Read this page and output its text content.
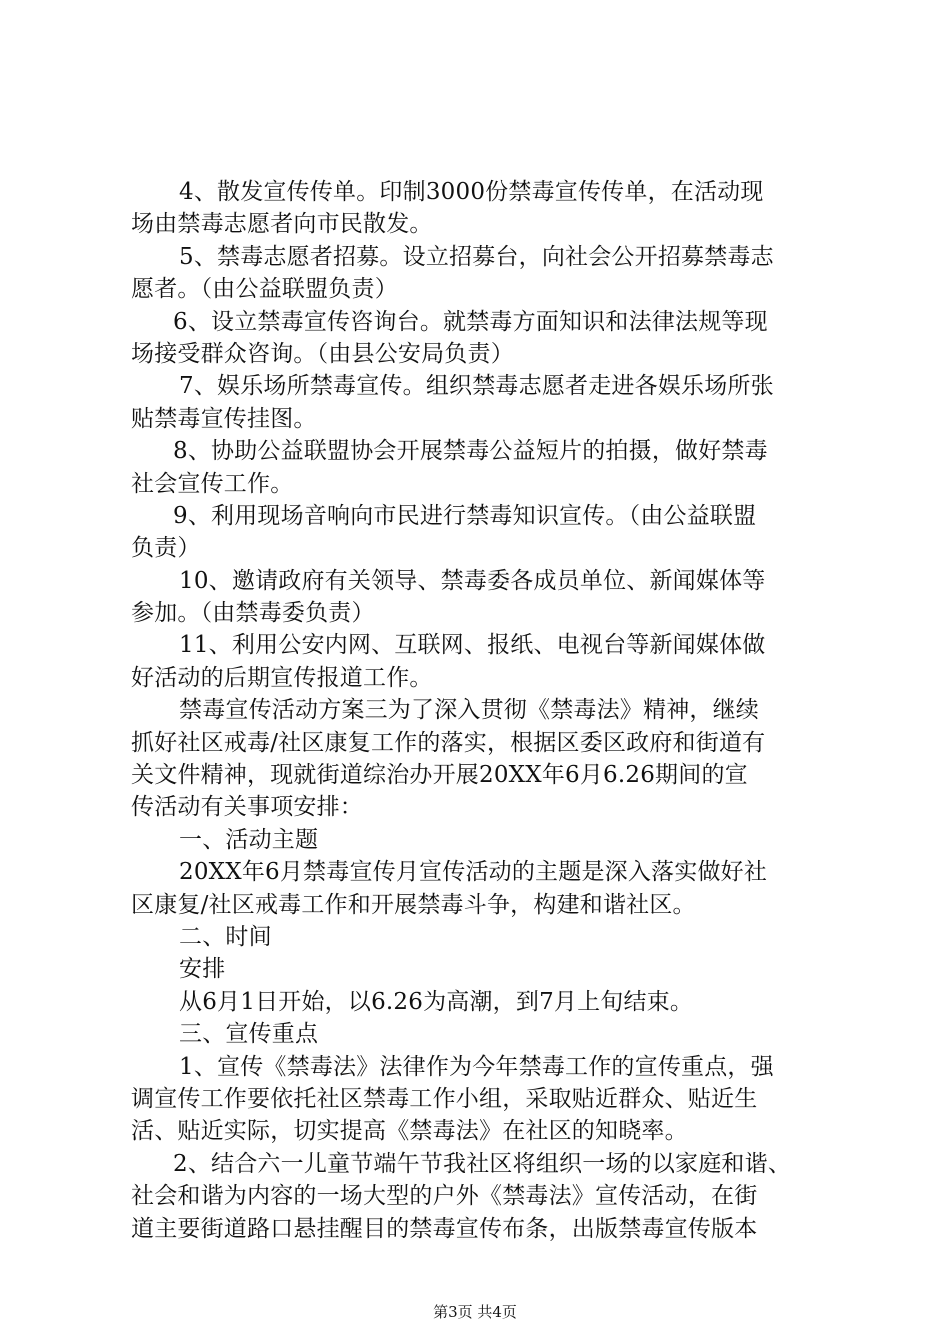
4、散发宣传传单。印制3000份禁毒宣传传单，在活动现
场由禁毒志愿者向市民散发。
5、禁毒志愿者招募。设立招募台，向社会公开招募禁毒志
愿者。（由公益联盟负责）
6、设立禁毒宣传咨询台。就禁毒方面知识和法律法规等现
场接受群众咨询。（由县公安局负责）
7、娱乐场所禁毒宣传。组织禁毒志愿者走进各娱乐场所张
贴禁毒宣传挂图。
8、协助公益联盟协会开展禁毒公益短片的拍摄，做好禁毒
社会宣传工作。
9、利用现场音响向市民进行禁毒知识宣传。（由公益联盟
负责）
10、邀请政府有关领导、禁毒委各成员单位、新闻媒体等
参加。（由禁毒委负责）
11、利用公安内网、互联网、报纸、电视台等新闻媒体做
好活动的后期宣传报道工作。
禁毒宣传活动方案三为了深入贯彻《禁毒法》精神，继续
抓好社区戒毒/社区康复工作的落实，根据区委区政府和街道有
关文件精神，现就街道综治办开展20XX年6月6.26期间的宣
传活动有关事项安排：
一、活动主题
20XX年6月禁毒宣传月宣传活动的主题是深入落实做好社
区康复/社区戒毒工作和开展禁毒斗争，构建和谐社区。
二、时间
安排
从6月1日开始，以6.26为高潮，到7月上旬结束。
三、宣传重点
1、宣传《禁毒法》法律作为今年禁毒工作的宣传重点，强
调宣传工作要依托社区禁毒工作小组，采取贴近群众、贴近生
活、贴近实际，切实提高《禁毒法》在社区的知晓率。
2、结合六一儿童节端午节我社区将组织一场的以家庭和谐、
社会和谐为内容的一场大型的户外《禁毒法》宣传活动，在街
道主要街道路口悬挂醒目的禁毒宣传布条，出版禁毒宣传版本
第3页 共4页
